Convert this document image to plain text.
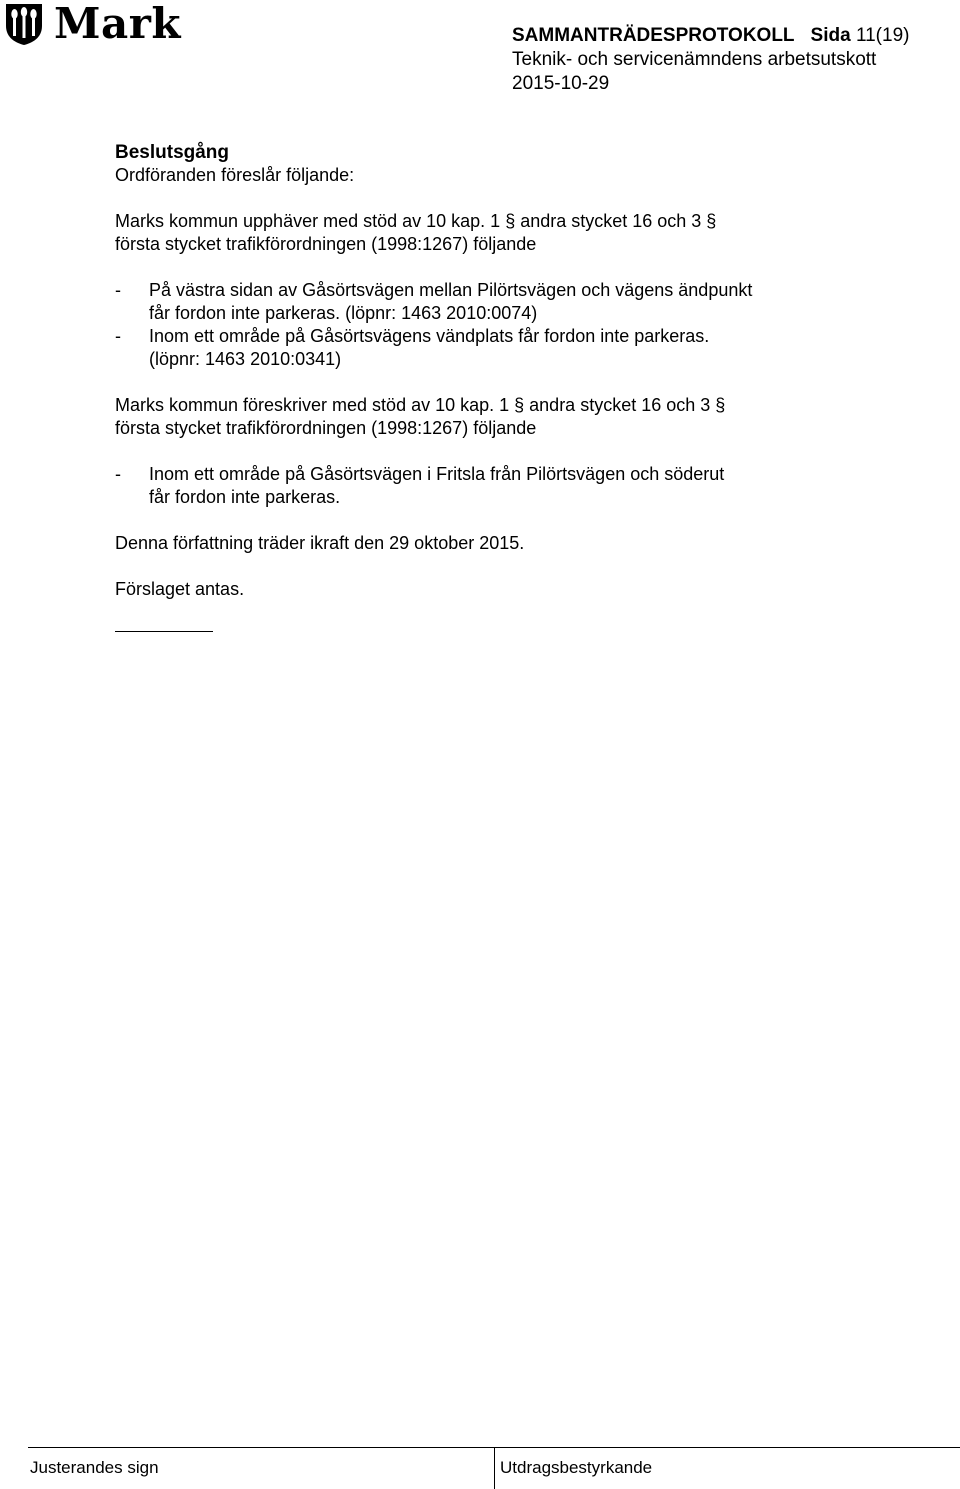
Mark	SAMMANTRÄDESPROTOKOLL Sida 11(19)
Teknik- och servicenämndens arbetsutskott
2015-10-29

Beslutsgång

Ordföranden föreslår följande:

Marks kommun upphäver med stöd av 10 kap. 1 § andra stycket 16 och 3 §

första stycket trafikförordningen (1998:1267) följande

- På västra sidan av Gåsörtsvägen mellan Pilörtsvägen och vägens ändpunkt

får fordon inte parkeras. (löpnr: 1463 2010:0074)

- Inom ett område på Gåsörtsvägens vändplats får fordon inte parkeras.

(löpnr: 1463 2010:0341)

Marks kommun föreskriver med stöd av 10 kap. 1 § andra stycket 16 och 3 §

första stycket trafikförordningen (1998:1267) följande

- Inom ett område på Gåsörtsvägen i Fritsla från Pilörtsvägen och söderut

får fordon inte parkeras.

Denna författning träder ikraft den 29 oktober 2015.

Förslaget antas.

Justerandes sign	Utdragsbestyrkande
